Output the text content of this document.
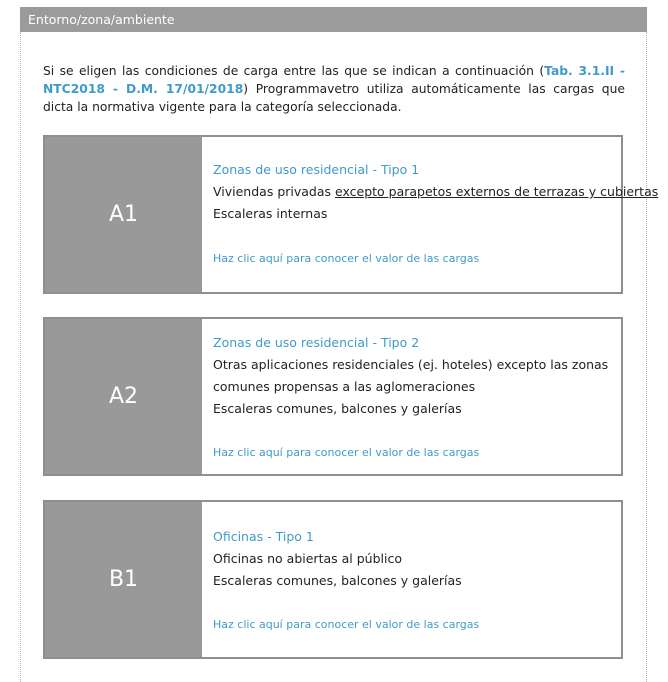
Entorno/zona/ambiente
Si se eligen las condiciones de carga entre las que se indican a continuación (Tab. 3.1.II - NTC2018 - D.M. 17/01/2018) Programmavetro utiliza automáticamente las cargas que dicta la normativa vigente para la categoría seleccionada.
A1
Zonas de uso residencial - Tipo 1
Viviendas privadas excepto parapetos externos de terrazas y cubiertas
Escaleras internas
Haz clic aquí para conocer el valor de las cargas
A2
Zonas de uso residencial - Tipo 2
Otras aplicaciones residenciales (ej. hoteles) excepto las zonas comunes propensas a las aglomeraciones
Escaleras comunes, balcones y galerías
Haz clic aquí para conocer el valor de las cargas
B1
Oficinas - Tipo 1
Oficinas no abiertas al público
Escaleras comunes, balcones y galerías
Haz clic aquí para conocer el valor de las cargas
